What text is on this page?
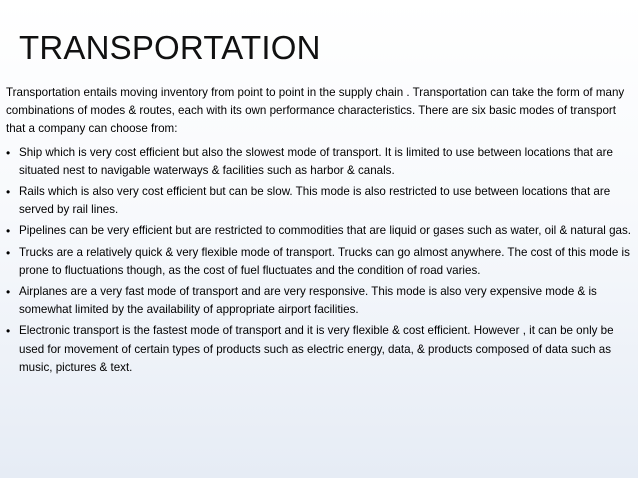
TRANSPORTATION

Transportation entails moving inventory from point to point in the supply chain . Transportation can take the form of many combinations of modes & routes, each with its own performance characteristics. There are six basic modes of transport that a company can choose from:

• Ship which is very cost efficient but also the slowest mode of transport. It is limited to use between locations that are situated nest to navigable waterways & facilities such as harbor & canals.
• Rails which is also very cost efficient but can be slow. This mode is also restricted to use between locations that are served by rail lines.
• Pipelines can be very efficient but are restricted to commodities that are liquid or gases such as water, oil & natural gas.
• Trucks are a relatively quick & very flexible mode of transport. Trucks can go almost anywhere. The cost of this mode is prone to fluctuations though, as the cost of fuel fluctuates and the condition of road varies.
• Airplanes are a very fast mode of transport and are very responsive. This mode is also very expensive mode & is somewhat limited by the availability of appropriate airport facilities.
• Electronic transport is the fastest mode of transport and it is very flexible & cost efficient. However , it can be only be used for movement of certain types of products such as electric energy, data, & products composed of data such as music, pictures & text.
